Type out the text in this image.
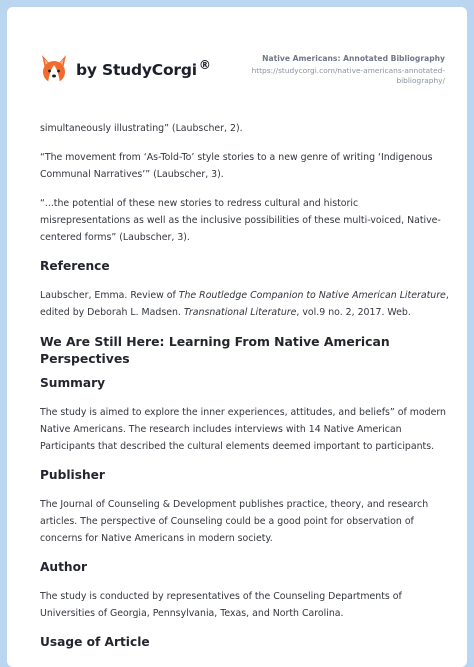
by StudyCorgi ®	Native Americans: Annotated Bibliography
https://studycorgi.com/native-americans-annotated-
bibliography/

simultaneously illustrating” (Laubscher, 2).

“The movement from ‘As-Told-To’ style stories to a new genre of writing ‘Indigenous Communal Narratives’” (Laubscher, 3).

“...the potential of these new stories to redress cultural and historic misrepresentations as well as the inclusive possibilities of these multi-voiced, Native-centered forms” (Laubscher, 3).

Reference

Laubscher, Emma. Review of The Routledge Companion to Native American Literature, edited by Deborah L. Madsen. Transnational Literature, vol.9 no. 2, 2017. Web.

We Are Still Here: Learning From Native American Perspectives
Summary

The study is aimed to explore the inner experiences, attitudes, and beliefs” of modern Native Americans. The research includes interviews with 14 Native American Participants that described the cultural elements deemed important to participants.

Publisher

The Journal of Counseling & Development publishes practice, theory, and research articles. The perspective of Counseling could be a good point for observation of concerns for Native Americans in modern society.

Author

The study is conducted by representatives of the Counseling Departments of Universities of Georgia, Pennsylvania, Texas, and North Carolina.

Usage of Article
